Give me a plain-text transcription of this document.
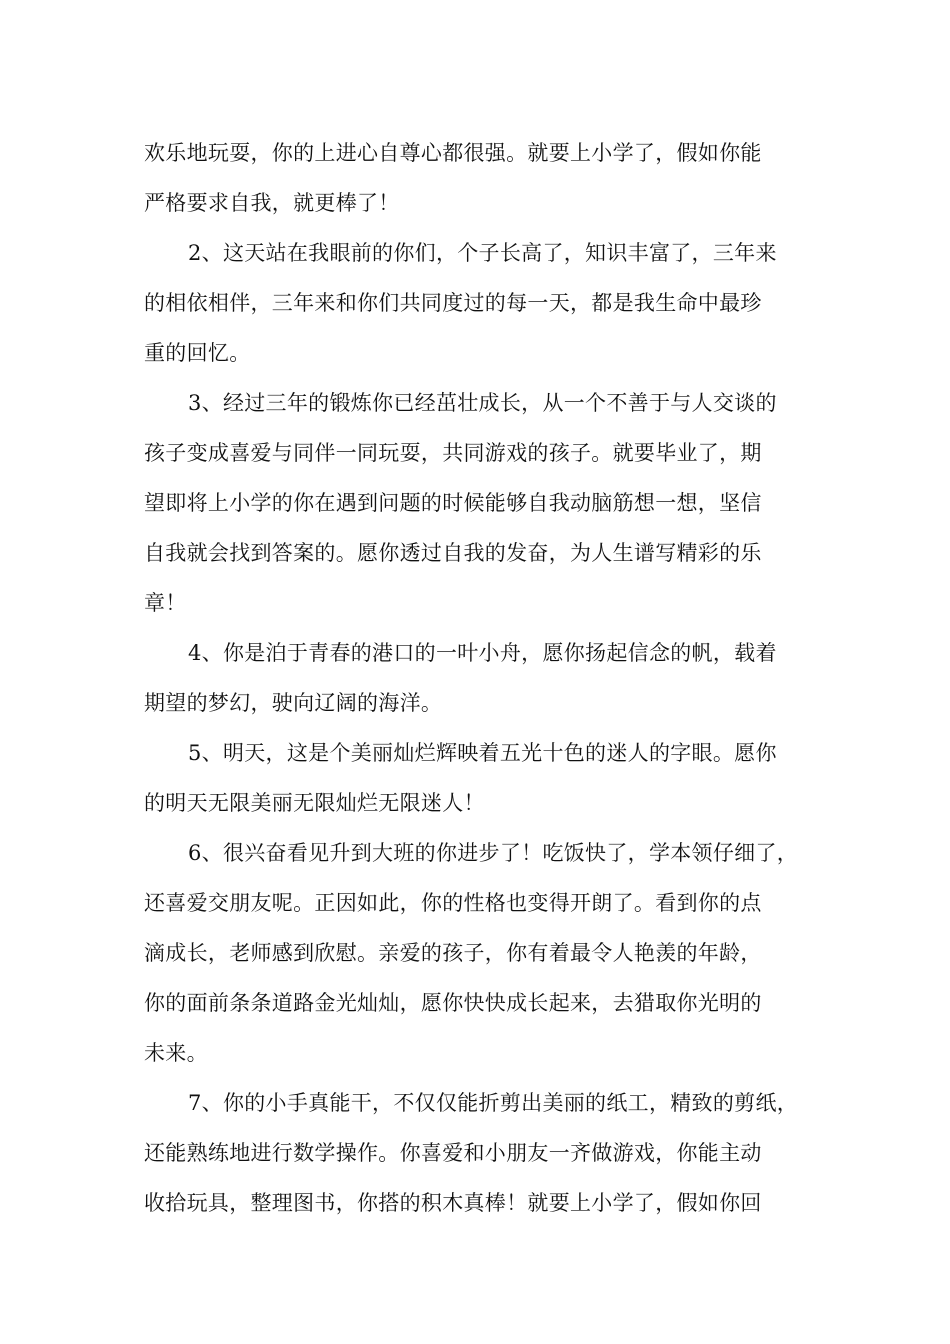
欢乐地玩耍，你的上进心自尊心都很强。就要上小学了，假如你能
严格要求自我，就更棒了！
2、这天站在我眼前的你们，个子长高了，知识丰富了，三年来
的相依相伴，三年来和你们共同度过的每一天，都是我生命中最珍
重的回忆。
3、经过三年的锻炼你已经茁壮成长，从一个不善于与人交谈的
孩子变成喜爱与同伴一同玩耍，共同游戏的孩子。就要毕业了，期
望即将上小学的你在遇到问题的时候能够自我动脑筋想一想，坚信
自我就会找到答案的。愿你透过自我的发奋，为人生谱写精彩的乐
章！
4、你是泊于青春的港口的一叶小舟，愿你扬起信念的帆，载着
期望的梦幻，驶向辽阔的海洋。
5、明天，这是个美丽灿烂辉映着五光十色的迷人的字眼。愿你
的明天无限美丽无限灿烂无限迷人！
6、很兴奋看见升到大班的你进步了！吃饭快了，学本领仔细了，
还喜爱交朋友呢。正因如此，你的性格也变得开朗了。看到你的点
滴成长，老师感到欣慰。亲爱的孩子，你有着最令人艳羡的年龄，
你的面前条条道路金光灿灿，愿你快快成长起来，去猎取你光明的
未来。
7、你的小手真能干，不仅仅能折剪出美丽的纸工，精致的剪纸，
还能熟练地进行数学操作。你喜爱和小朋友一齐做游戏，你能主动
收拾玩具，整理图书，你搭的积木真棒！就要上小学了，假如你回
